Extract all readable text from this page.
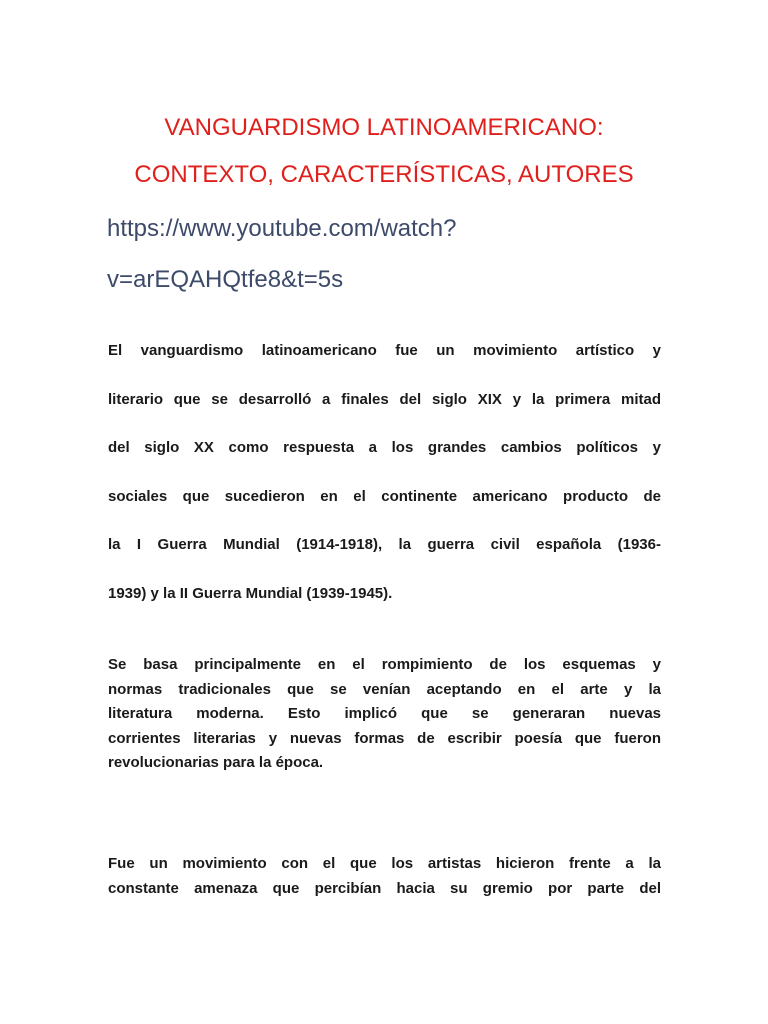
VANGUARDISMO LATINOAMERICANO:
CONTEXTO, CARACTERÍSTICAS, AUTORES
https://www.youtube.com/watch?
v=arEQAHQtfe8&t=5s
El vanguardismo latinoamericano fue un movimiento artístico y
literario que se desarrolló a finales del siglo XIX y la primera mitad
del siglo XX como respuesta a los grandes cambios políticos y
sociales que sucedieron en el continente americano producto de
la I Guerra Mundial (1914-1918), la guerra civil española (1936-
1939) y la II Guerra Mundial (1939-1945).
Se basa principalmente en el rompimiento de los esquemas y
normas tradicionales que se venían aceptando en el arte y la
literatura moderna. Esto implicó que se generaran nuevas
corrientes literarias y nuevas formas de escribir poesía que fueron
revolucionarias para la época.
Fue un movimiento con el que los artistas hicieron frente a la
constante amenaza que percibían hacia su gremio por parte del
